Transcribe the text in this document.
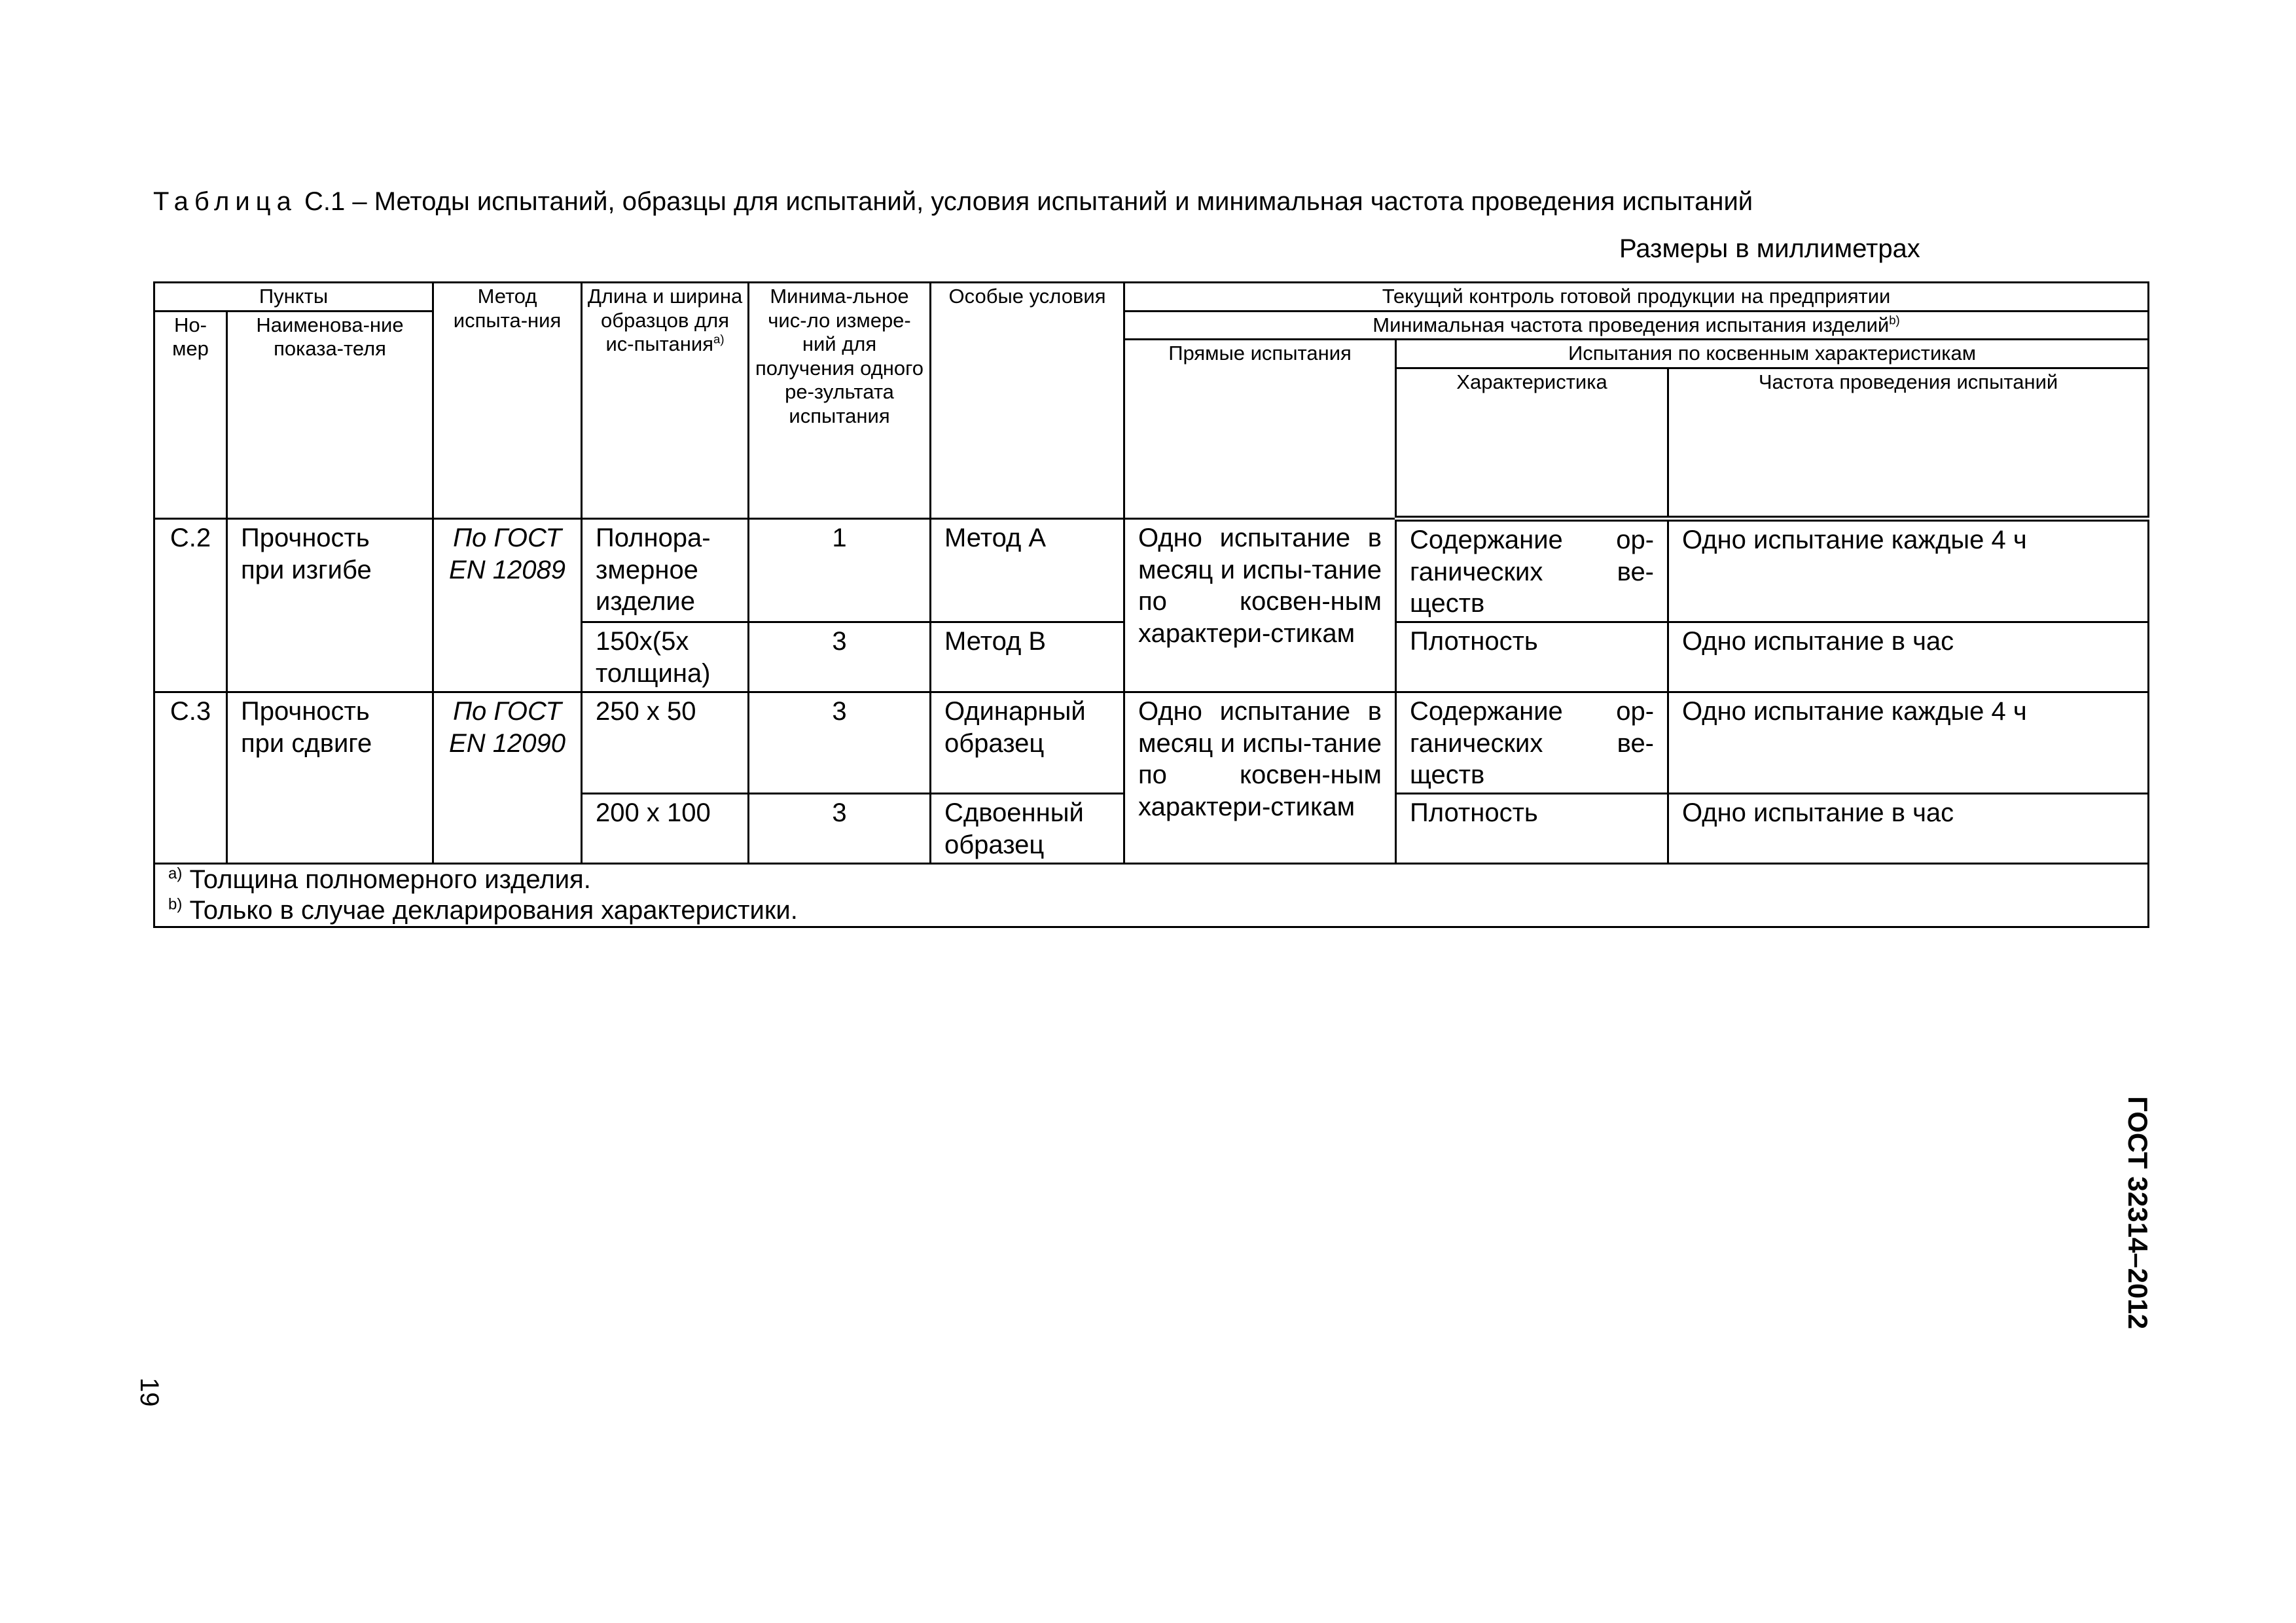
Таблица С.1 – Методы испытаний, образцы для испытаний, условия испытаний и минимальная частота проведения испытаний
Размеры в миллиметрах
Пункты		Метод испыта-ния	Длина и ширина образцов для ис-пытания$^{а)}$	Минима-льное чис-ло измере-ний для получения одного ре-зультата испытания	Особые условия	Текущий контроль готовой продукции на предприятии		
Но-мер	Наименова-ние показа-теля					Минимальная частота проведения испытания изделий$^{b)}$
						Прямые испытания	Испытания по косвенным характеристикам	
							Характеристика	Частота проведения испытаний
С.2	Прочность при изгибе	По ГОСТ EN 12089	Полнора-змерное изделие	1	Метод А	Одно испытание в месяц и испы-тание по косвен-ным характери-стикам	Содержание ор-ганических ве-ществ	Одно испытание каждые 4 ч
			150х(5х толщина)	3	Метод В		Плотность	Одно испытание в час
С.3	Прочность при сдвиге	По ГОСТ EN 12090	250 х 50	3	Одинарный образец	Одно испытание в месяц и испы-тание по косвен-ным характери-стикам	Содержание ор-ганических ве-ществ	Одно испытание каждые 4 ч
			200 х 100	3	Сдвоенный образец		Плотность	Одно испытание в час

$^{а)}$ Толщина полномерного изделия.
$^{b)}$ Только в случае декларирования характеристики.								
19
ГОСТ 32314–2012
